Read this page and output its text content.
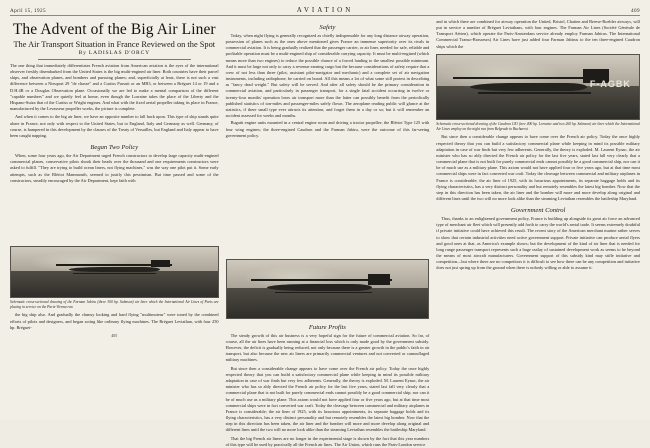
April 15, 1925	AVIATION	409
The Advent of the Big Air Liner
The Air Transport Situation in France Reviewed on the Spot
By LADISLAS D'ORCY

The one thing that immediately differentiates French aviation from American aviation is the eyes of the international observer freshly disembarked from the United States is the big multi-engined air liner. Both countries have their parcel ships, and observation planes, and bombers and pursuing planes; and, superficially at least, there is not such a vast difference between a Nieuport 29 "de chasse" and a Curtiss Pursuit or an MB3, or between a Bréguet 14 or 19 and a D.H.4B or a Douglas Observation plane. Occasionally we are led to make a mental comparison of the different "capable numbers" and we quietly feel at home, even though the Lorraine takes the place of the Liberty and the Hispano-Suiza that of the Curtiss or Wright engines. And what with the fixed aerial propeller taking its place in France, manufactured by the Levasseur propeller works, the picture is complete.

And when it comes to the big air liner, we have an opposite number to fall back upon. This type of ship stands quite alone in France, not only with respect to the United States, but to England, Italy and Germany as well. Germany, of course, is hampered in this development by the clauses of the Treaty of Versailles, but England and Italy appear to have been caught napping.

Began Two Policy

When, some four years ago, the Air Department urged French constructors to develop large capacity multi-engined commercial planes, conservative pilots shook their heads over the thousand and one requirements constructors were asked to fulfill. "They are trying to build ocean liners, not flying machines," was the way one pilot put it. Some early attempts, such as the Blériot Mammouth, seemed to justify this pessimism. But time passed and some of the constructors, steadily encouraged by the Air Department, kept faith with

Schematic cross-sectional drawing of the Farman Jabiru (three 300 hp. Salmson) air liner which the International Air Lines of Paris are placing in service on the Paris-Vienna run

the big ship also. And gradually the clumsy looking and hard flying "multimoteur" were toned by the combined efforts of pilots and designers, and began acting like ordinary flying machines. The Bréguet Leviathan, with four 250 hp. Bréguet-

405
Safety

Today, when night flying is generally recognized as chiefly indispensable for any long distance airway operation, possession of planes such as the ones above mentioned gives France an immense superiority over its rivals in commercial aviation. It is being gradually realized that the passenger carrier, or air liner, needed for safe, reliable and profitable operation must be a multi-engined ship of considerable carrying capacity. It must be multi-engined (which means more than two engines) to reduce the possible chance of a forced landing to the smallest possible minimum. And it must be large not only to carry a revenue earning cargo but the because considerations of safety require that a crew of not less than three (pilot, assistant pilot-navigator and mechanic) and a complete set of air navigation instruments, including radiophone, be carried on board. All this means a lot of what some still protest in describing as "fancy dead weight." But safety will be served. And after all safety should be the primary consideration in commercial aviation, and particularly in passenger transport, for a single fatal accident occurring in twelve or twenty-four months' operation loses air transport more than the latter can possibly benefit from the periodically published statistics of ton-miles and passenger-miles safely flown. The aeroplane reading public will glance at the statistics, if there small type ever attracts its attention, and forget them in a day or so; but it will remember an accident assessed for weeks and months.

Bugatti engine units mounted in a central engine room and driving a tractor propeller; the Blériot Type 125 with four wing engines; the three-engined Caudron and the Farman Jabiru, were the outcome of this far-seeing government policy.

Future Profits

The steady growth of this air business is a very hopeful sign for the future of commercial aviation. So far, of course, all the air lines have been running at a financial loss which is only made good by the government subsidy. However, the deficit is gradually being reduced, not only because there is a greater growth in the public's faith in air transport, but also because the new air liners are primarily commercial ventures and not converted or camouflaged military machines.

But since then a considerable change appears to have come over the French air policy. Today the once highly respected theory that you can build a satisfactory commercial plane while keeping in mind its possible military adaptation in case of war finds but very few adherents. Generally, the theory is exploded. M. Laurent Eynac, the air minister who has so ably directed the French air policy for the last five years, stated last fall very clearly that a commercial plane that is not built for purely commercial ends cannot possibly be a good commercial ship, nor can it be of much use as a military plane. This axiom would not have applied four or five years ago, but at that time most commercial ships were in fact converted war craft. Today the cleavage between commercial and military airplanes in France is considerable; the air liner of 1925, with its luxurious appointments, its separate baggage holds and its flying characteristics, has a very distinct personality and but remotely resembles the latest big bomber. Now that the step in this direction has been taken, the air liner and the bomber will more and more develop along original and different lines until the two will no more look alike than the steaming Leviathan resembles the battleship Maryland.

That the big French air liners are no longer in the experimental stage is shown by the fact that this year numbers of this type will be used by practically all the French air lines. The Air Union, which runs the Paris-London service

and in which there are combined for airway operation the United, Bristol, Chatten and Breese-Roebler airways, will put in service a number of Bréguet Leviathans, with four engines. The Farman Air Lines (Société Générale de Transport Aérien), which operate the Paris-Amsterdam service already employ Farman Jabirus. The International Commercial Transo-Brasseurs) Air Lines have just added four Farman Jabirus to the ten three-engined Caudron ships which the

F-AGBK
Schematic cross-sectional drawing of the Caudron C81 (tree 400 hp. Lorraine and two 260 hp. Salmson) air liner which the International Air Lines employ on the night run from Belgrade to Bucharest

But since then a considerable change appears to have come over the French air policy. Today the once highly respected theory that you can build a satisfactory commercial plane while keeping in mind its possible military adaptation in case of war finds but very few adherents. Generally, the theory is exploded. M. Laurent Eynac, the air minister who has so ably directed the French air policy for the last five years, stated last fall very clearly that a commercial plane that is not built for purely commercial ends cannot possibly be a good commercial ship, nor can it be of much use as a military plane. This axiom would not have applied four or five years ago, but at that time most commercial ships were in fact converted war craft. Today the cleavage between commercial and military airplanes in France is considerable; the air liner of 1925, with its luxurious appointments, its separate baggage holds and its flying characteristics, has a very distinct personality and but remotely resembles the latest big bomber. Now that the step in this direction has been taken, the air liner and the bomber will more and more develop along original and different lines until the two will no more look alike than the steaming Leviathan resembles the battleship Maryland.

Government Control

Thus, thanks to an enlightened government policy, France is building up alongside its great air force an advanced type of merchant air fleet which will presently add forth to carry the world's aerial trade. It seems extremely doubtful if private initiative could have achieved this result. The recent story of the American merchant marine rather serves to show that certain industrial activities need active government support. Private initiative can produce aerial flyers and good ones at that, as America's example shows; but the development of the kind of air liner that is needed for long range passenger transport represents such a huge outlay of sustained development work as seems to be beyond the means of most aircraft manufacturers. Government support of this subsidy kind may stifle initiative and competition—but where there are no competitors it is difficult to see how there can be any competition and initiative does not just spring up from the ground when there is nobody willing or able to assume it.
